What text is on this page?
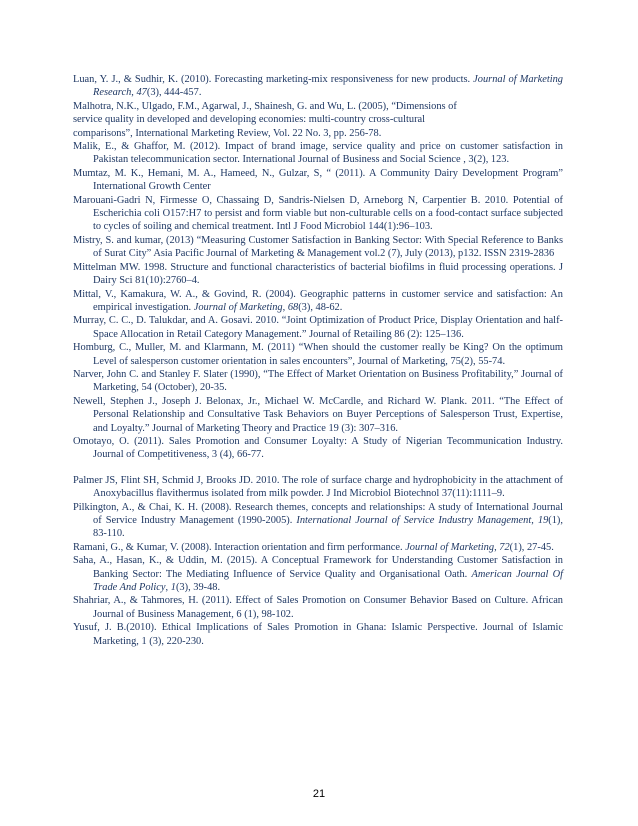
Luan, Y. J., & Sudhir, K. (2010). Forecasting marketing-mix responsiveness for new products. Journal of Marketing Research, 47(3), 444-457.

Malhotra, N.K., Ulgado, F.M., Agarwal, J., Shainesh, G. and Wu, L. (2005), “Dimensions of

service quality in developed and developing economies: multi-country cross-cultural

comparisons”, International Marketing Review, Vol. 22 No. 3, pp. 256-78.

Malik, E., & Ghaffor, M. (2012). Impact of brand image, service quality and price on customer satisfaction in Pakistan telecommunication sector. International Journal of Business and Social Science , 3(2), 123.

Mumtaz, M. K., Hemani, M. A., Hameed, N., Gulzar, S, “ (2011). A Community Dairy Development Program” International Growth Center

Marouani-Gadri N, Firmesse O, Chassaing D, Sandris-Nielsen D, Arneborg N, Carpentier B. 2010. Potential of Escherichia coli O157:H7 to persist and form viable but non-culturable cells on a food-contact surface subjected to cycles of soiling and chemical treatment. Intl J Food Microbiol 144(1):96–103.

Mistry, S. and kumar, (2013) “Measuring Customer Satisfaction in Banking Sector: With Special Reference to Banks of Surat City” Asia Pacific Journal of Marketing & Management vol.2 (7), July (2013), p132. ISSN 2319-2836

Mittelman MW. 1998. Structure and functional characteristics of bacterial biofilms in fluid processing operations. J Dairy Sci 81(10):2760–4.

Mittal, V., Kamakura, W. A., & Govind, R. (2004). Geographic patterns in customer service and satisfaction: An empirical investigation. Journal of Marketing, 68(3), 48-62.

Murray, C. C., D. Talukdar, and A. Gosavi. 2010. “Joint Optimization of Product Price, Display Orientation and half-Space Allocation in Retail Category Management.” Journal of Retailing 86 (2): 125–136.

Homburg, C., Muller, M. and Klarmann, M. (2011) “When should the customer really be King? On the optimum Level of salesperson customer orientation in sales encounters”, Journal of Marketing, 75(2), 55-74.

Narver, John C. and Stanley F. Slater (1990), “The Effect of Market Orientation on Business Profitability,” Journal of Marketing, 54 (October), 20-35.

Newell, Stephen J., Joseph J. Belonax, Jr., Michael W. McCardle, and Richard W. Plank. 2011. “The Effect of Personal Relationship and Consultative Task Behaviors on Buyer Perceptions of Salesperson Trust, Expertise, and Loyalty.” Journal of Marketing Theory and Practice 19 (3): 307–316.

Omotayo, O. (2011). Sales Promotion and Consumer Loyalty: A Study of Nigerian Tecommunication Industry. Journal of Competitiveness, 3 (4), 66-77.

Palmer JS, Flint SH, Schmid J, Brooks JD. 2010. The role of surface charge and hydrophobicity in the attachment of Anoxybacillus flavithermus isolated from milk powder. J Ind Microbiol Biotechnol 37(11):1111–9.

Pilkington, A., & Chai, K. H. (2008). Research themes, concepts and relationships: A study of International Journal of Service Industry Management (1990-2005). International Journal of Service Industry Management, 19(1), 83-110.

Ramani, G., & Kumar, V. (2008). Interaction orientation and firm performance. Journal of Marketing, 72(1), 27-45.

Saha, A., Hasan, K., & Uddin, M. (2015). A Conceptual Framework for Understanding Customer Satisfaction in Banking Sector: The Mediating Influence of Service Quality and Organisational Oath. American Journal Of Trade And Policy, 1(3), 39-48.

Shahriar, A., & Tahmores, H. (2011). Effect of Sales Promotion on Consumer Behavior Based on Culture. African Journal of Business Management, 6 (1), 98-102.

Yusuf, J. B.(2010). Ethical Implications of Sales Promotion in Ghana: Islamic Perspective. Journal of Islamic Marketing, 1 (3), 220-230.

21
